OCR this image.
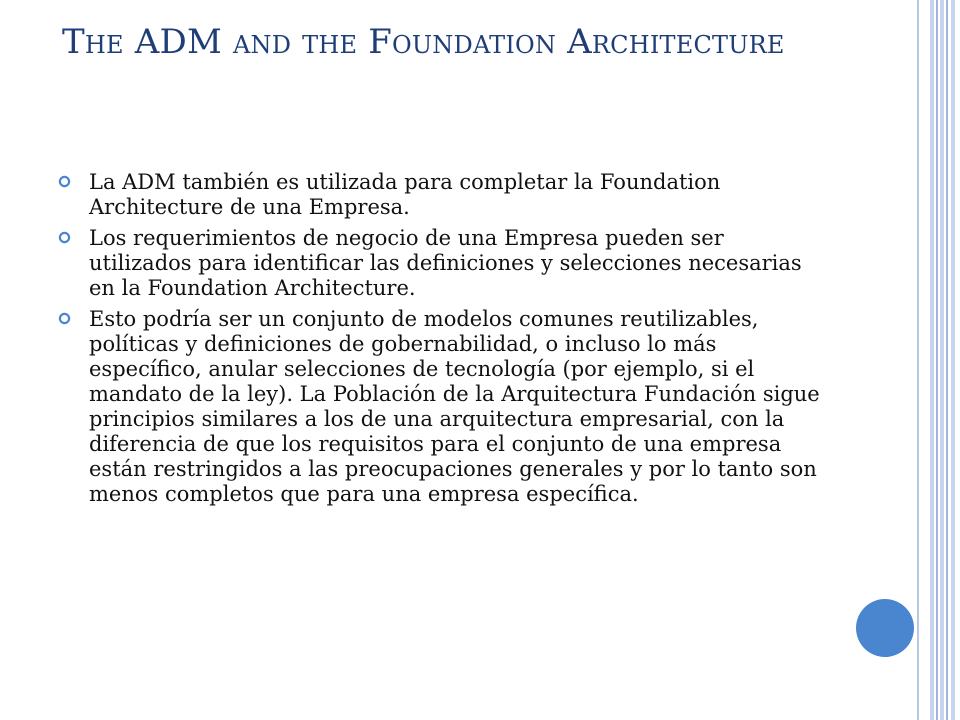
The ADM and the Foundation Architecture
La ADM también es utilizada para completar la Foundation Architecture de una Empresa.
Los requerimientos de negocio de una Empresa pueden ser utilizados para identificar las definiciones y selecciones necesarias en la Foundation Architecture.
Esto podría ser un conjunto de modelos comunes reutilizables, políticas y definiciones de gobernabilidad, o incluso lo más específico, anular selecciones de tecnología (por ejemplo, si el mandato de la ley). La Población de la Arquitectura Fundación sigue principios similares a los de una arquitectura empresarial, con la diferencia de que los requisitos para el conjunto de una empresa están restringidos a las preocupaciones generales y por lo tanto son menos completos que para una empresa específica.
